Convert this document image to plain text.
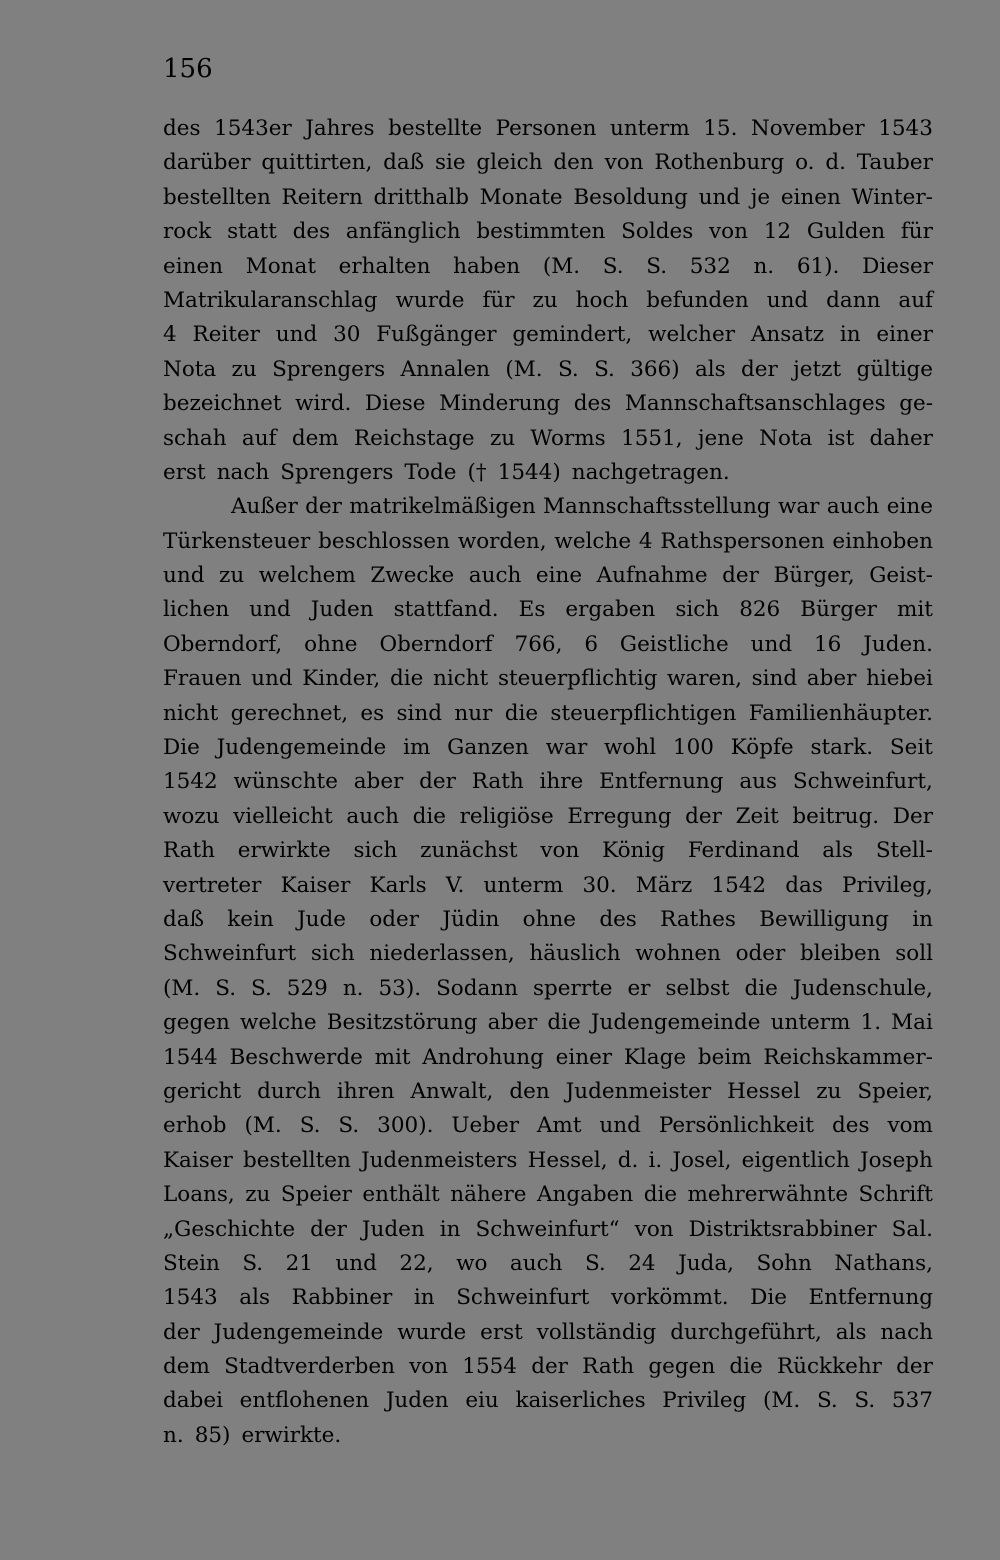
156
des 1543er Jahres bestellte Personen unterm 15. November 1543
darüber quittirten, daß sie gleich den von Rothenburg o. d. Tauber
bestellten Reitern dritthalb Monate Besoldung und je einen Winter-
rock statt des anfänglich bestimmten Soldes von 12 Gulden für
einen Monat erhalten haben (M. S. S. 532 n. 61). Dieser
Matrikularanschlag wurde für zu hoch befunden und dann auf
4 Reiter und 30 Fußgänger gemindert, welcher Ansatz in einer
Nota zu Sprengers Annalen (M. S. S. 366) als der jetzt gültige
bezeichnet wird. Diese Minderung des Mannschaftsanschlages ge-
schah auf dem Reichstage zu Worms 1551, jene Nota ist daher
erst nach Sprengers Tode († 1544) nachgetragen.
Außer der matrikelmäßigen Mannschaftsstellung war auch eine
Türkensteuer beschlossen worden, welche 4 Rathspersonen einhoben
und zu welchem Zwecke auch eine Aufnahme der Bürger, Geist-
lichen und Juden stattfand. Es ergaben sich 826 Bürger mit
Oberndorf, ohne Oberndorf 766, 6 Geistliche und 16 Juden.
Frauen und Kinder, die nicht steuerpflichtig waren, sind aber hiebei
nicht gerechnet, es sind nur die steuerpflichtigen Familienhäupter.
Die Judengemeinde im Ganzen war wohl 100 Köpfe stark. Seit
1542 wünschte aber der Rath ihre Entfernung aus Schweinfurt,
wozu vielleicht auch die religiöse Erregung der Zeit beitrug. Der
Rath erwirkte sich zunächst von König Ferdinand als Stell-
vertreter Kaiser Karls V. unterm 30. März 1542 das Privileg,
daß kein Jude oder Jüdin ohne des Rathes Bewilligung in
Schweinfurt sich niederlassen, häuslich wohnen oder bleiben soll
(M. S. S. 529 n. 53). Sodann sperrte er selbst die Judenschule,
gegen welche Besitzstörung aber die Judengemeinde unterm 1. Mai
1544 Beschwerde mit Androhung einer Klage beim Reichskammer-
gericht durch ihren Anwalt, den Judenmeister Hessel zu Speier,
erhob (M. S. S. 300). Ueber Amt und Persönlichkeit des vom
Kaiser bestellten Judenmeisters Hessel, d. i. Josel, eigentlich Joseph
Loans, zu Speier enthält nähere Angaben die mehrerwähnte Schrift
„Geschichte der Juden in Schweinfurt“ von Distriktsrabbiner Sal.
Stein S. 21 und 22, wo auch S. 24 Juda, Sohn Nathans,
1543 als Rabbiner in Schweinfurt vorkömmt. Die Entfernung
der Judengemeinde wurde erst vollständig durchgeführt, als nach
dem Stadtverderben von 1554 der Rath gegen die Rückkehr der
dabei entflohenen Juden eiu kaiserliches Privileg (M. S. S. 537
n. 85) erwirkte.
